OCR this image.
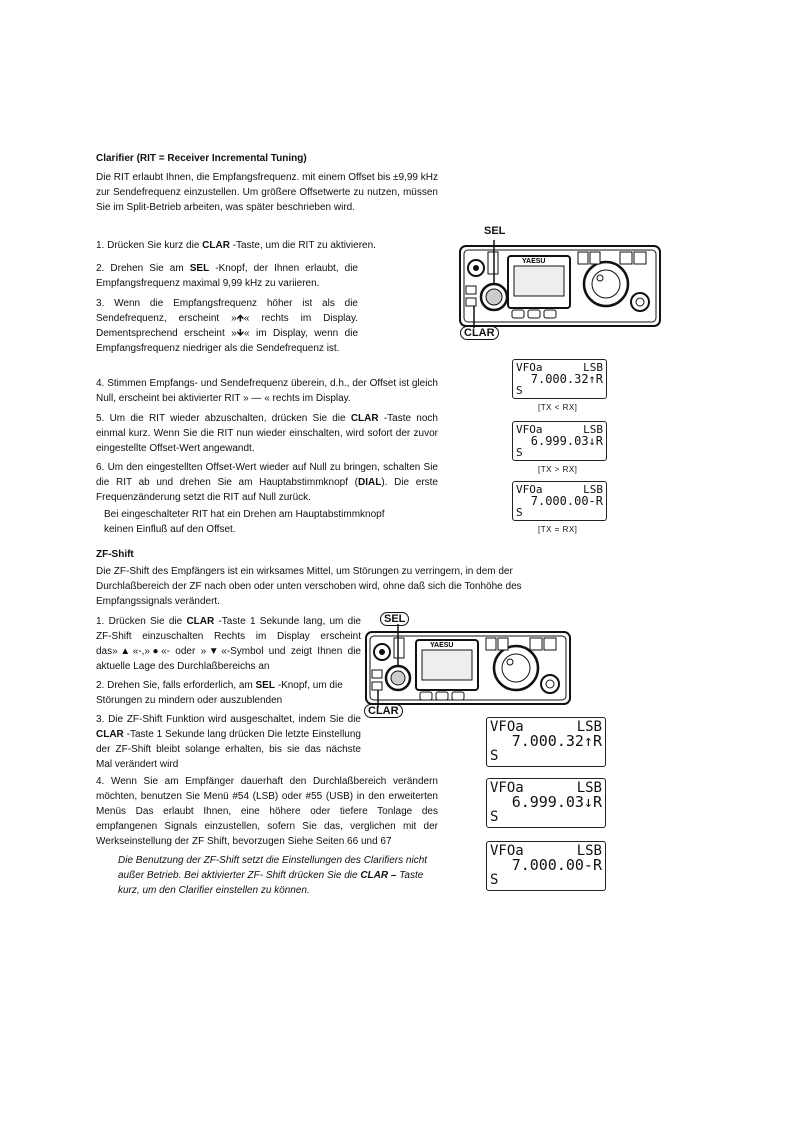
Clarifier (RIT = Receiver Incremental Tuning)

Die RIT erlaubt Ihnen, die Empfangsfrequenz. mit einem Offset bis ±9,99 kHz zur Sendefrequenz einzustellen. Um größere Offsetwerte zu nutzen, müssen Sie im Split-Betrieb arbeiten, was später beschrieben wird.

1. Drücken Sie kurz die CLAR -Taste, um die RIT zu aktivieren.

2. Drehen Sie am SEL -Knopf, der Ihnen erlaubt, die Empfangsfrequenz maximal 9,99 kHz zu variieren.

3. Wenn die Empfangsfrequenz höher ist als die Sendefrequenz, erscheint »🡹« rechts im Display. Dementsprechend erscheint »🡻« im Display, wenn die Empfangsfrequenz niedriger als die Sendefrequenz ist.

4. Stimmen Empfangs- und Sendefrequenz überein, d.h., der Offset ist gleich Null, erscheint bei aktivierter RIT » — « rechts im Display.

5. Um die RIT wieder abzuschalten, drücken Sie die CLAR -Taste noch einmal kurz. Wenn Sie die RIT nun wieder einschalten, wird sofort der zuvor eingestellte Offset-Wert angewandt.

6. Um den eingestellten Offset-Wert wieder auf Null zu bringen, schalten Sie die RIT ab und drehen Sie am Hauptabstimmknopf (DIAL). Die erste Frequenzänderung setzt die RIT auf Null zurück.

Bei eingeschalteter RIT hat ein Drehen am Hauptabstimmknopf keinen Einfluß auf den Offset.

YAESU
SEL
CLAR
VFOa	LSB
7.000.32↑R
S
[TX < RX]
VFOa	LSB
6.999.03↓R
S
[TX > RX]
VFOa	LSB
7.000.00-R
S
[TX = RX]
ZF-Shift

Die ZF-Shift des Empfängers ist ein wirksames Mittel, um Störungen zu verringern, in dem der Durchlaßbereich der ZF nach oben oder unten verschoben wird, ohne daß sich die Tonhöhe des Empfangssignals verändert.

1. Drücken Sie die CLAR -Taste 1 Sekunde lang, um die ZF-Shift einzuschalten Rechts im Display erscheint das»▲«-,»●«- oder »▼«-Symbol und zeigt Ihnen die aktuelle Lage des Durchlaßbereichs an

2. Drehen Sie, falls erforderlich, am SEL -Knopf, um die Störungen zu mindern oder auszublenden

3. Die ZF-Shift Funktion wird ausgeschaltet, indem Sie die CLAR -Taste 1 Sekunde lang drücken Die letzte Einstellung der ZF-Shift bleibt solange erhalten, bis sie das nächste Mal verändert wird

4. Wenn Sie am Empfänger dauerhaft den Durchlaßbereich verändern möchten, benutzen Sie Menü #54 (LSB) oder #55 (USB) in den erweiterten Menüs Das erlaubt Ihnen, eine höhere oder tiefere Tonlage des empfangenen Signals einzustellen, sofern Sie das, verglichen mit der Werkseinstellung der ZF Shift, bevorzugen Siehe Seiten 66 und 67

Die Benutzung der ZF-Shift setzt die Einstellungen des Clarifiers nicht außer Betrieb. Bei aktivierter ZF- Shift drücken Sie die CLAR – Taste kurz, um den Clarifier einstellen zu können.

YAESU
SEL
CLAR
VFOa	LSB
7.000.32↑R
S
VFOa	LSB
6.999.03↓R
S
VFOa	LSB
7.000.00-R
S
